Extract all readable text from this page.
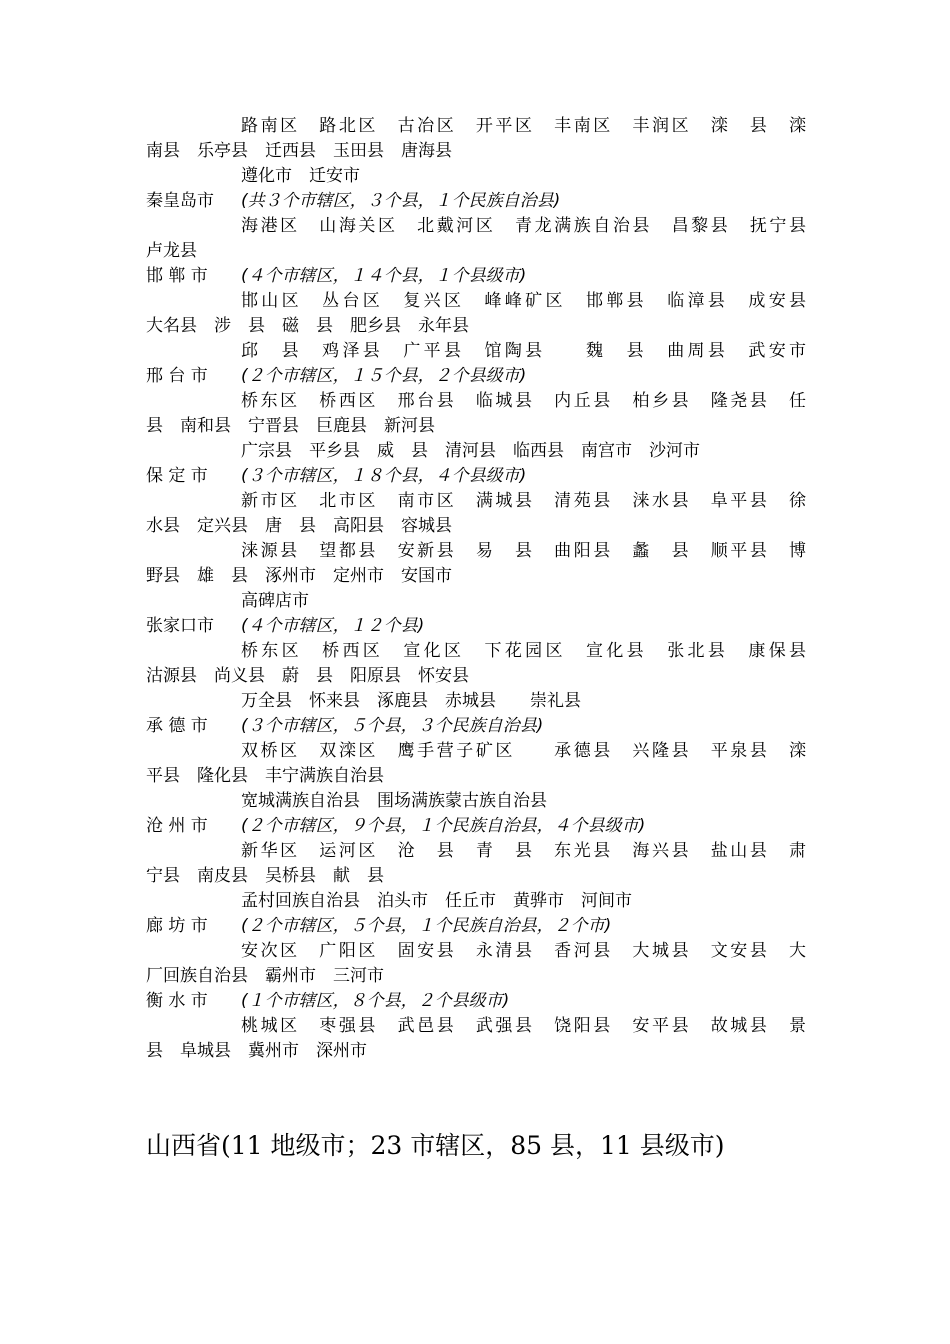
路南区　路北区　古冶区　开平区　丰南区　丰润区　滦　县　滦
南县　乐亭县　迁西县　玉田县　唐海县
遵化市　迁安市
秦皇岛市 (共３个市辖区，３个县，１个民族自治县)
海港区　山海关区　北戴河区　青龙满族自治县　昌黎县　抚宁县
卢龙县
邯 郸 市 (４个市辖区，１４个县，１个县级市)
邯山区　丛台区　复兴区　峰峰矿区　邯郸县　临漳县　成安县
大名县　涉　县　磁　县　肥乡县　永年县
邱　县　鸡泽县　广平县　馆陶县　　魏　县　曲周县　武安市
邢 台 市 (２个市辖区，１５个县，２个县级市)
桥东区　桥西区　邢台县　临城县　内丘县　柏乡县　隆尧县　任
县　南和县　宁晋县　巨鹿县　新河县
广宗县　平乡县　威　县　清河县　临西县　南宫市　沙河市
保 定 市 (３个市辖区，１８个县，４个县级市)
新市区　北市区　南市区　满城县　清苑县　涞水县　阜平县　徐
水县　定兴县　唐　县　高阳县　容城县
涞源县　望都县　安新县　易　县　曲阳县　蠡　县　顺平县　博
野县　雄　县　涿州市　定州市　安国市
高碑店市
张家口市 (４个市辖区，１２个县)
桥东区　桥西区　宣化区　下花园区　宣化县　张北县　康保县
沽源县　尚义县　蔚　县　阳原县　怀安县
万全县　怀来县　涿鹿县　赤城县　　崇礼县
承 德 市 (３个市辖区，５个县，３个民族自治县)
双桥区　双滦区　鹰手营子矿区　　承德县　兴隆县　平泉县　滦
平县　隆化县　丰宁满族自治县
宽城满族自治县　围场满族蒙古族自治县
沧 州 市 (２个市辖区，９个县，１个民族自治县，４个县级市)
新华区　运河区　沧　县　青　县　东光县　海兴县　盐山县　肃
宁县　南皮县　吴桥县　献　县
孟村回族自治县　泊头市　任丘市　黄骅市　河间市
廊 坊 市 (２个市辖区，５个县，１个民族自治县，２个市)
安次区　广阳区　固安县　永清县　香河县　大城县　文安县　大
厂回族自治县　霸州市　三河市
衡 水 市 (１个市辖区，８个县，２个县级市)
桃城区　枣强县　武邑县　武强县　饶阳县　安平县　故城县　景
县　阜城县　冀州市　深州市
山西省(11 地级市；23 市辖区，85 县，11 县级市)
